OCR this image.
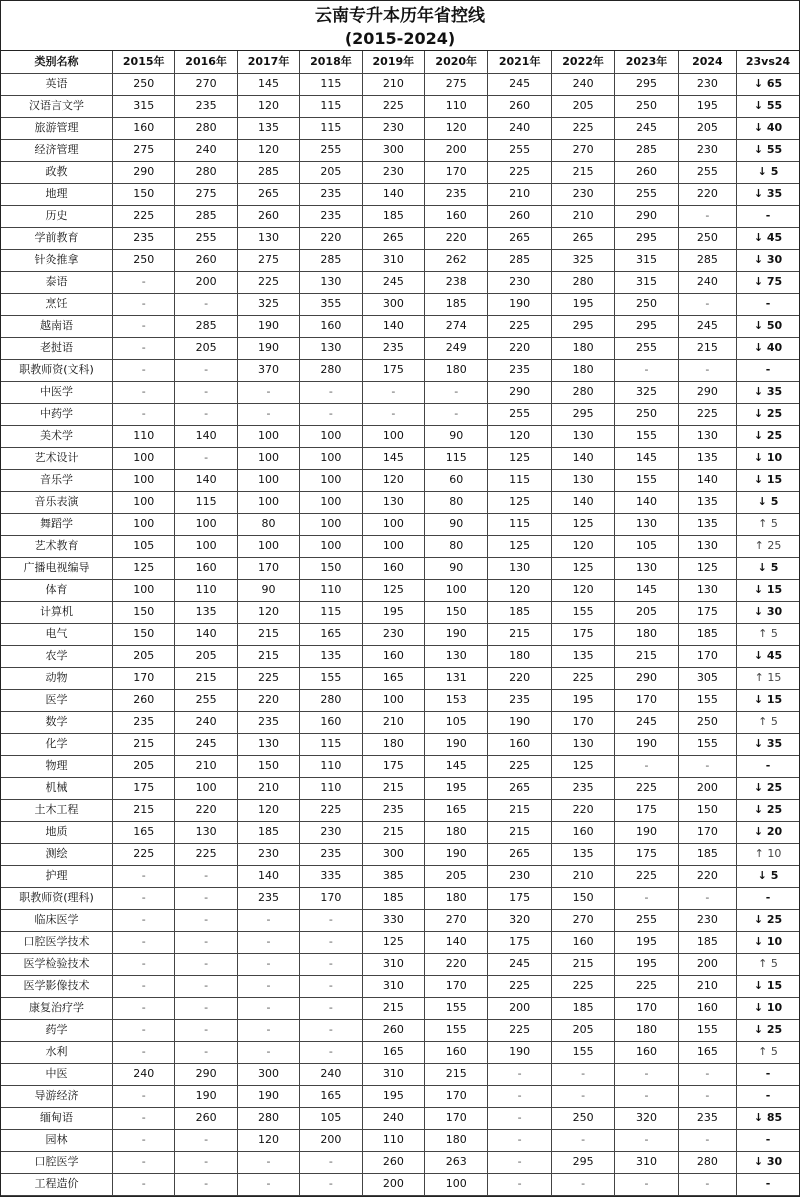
云南专升本历年省控线
(2015-2024)
类别名称	2015年	2016年	2017年	2018年	2019年	2020年	2021年	2022年	2023年	2024	23vs24
英语	250	270	145	115	210	275	245	240	295	230	↓ 65
汉语言文学	315	235	120	115	225	110	260	205	250	195	↓ 55
旅游管理	160	280	135	115	230	120	240	225	245	205	↓ 40
经济管理	275	240	120	255	300	200	255	270	285	230	↓ 55
政教	290	280	285	205	230	170	225	215	260	255	↓ 5
地理	150	275	265	235	140	235	210	230	255	220	↓ 35
历史	225	285	260	235	185	160	260	210	290	-	-
学前教育	235	255	130	220	265	220	265	265	295	250	↓ 45
针灸推拿	250	260	275	285	310	262	285	325	315	285	↓ 30
泰语	-	200	225	130	245	238	230	280	315	240	↓ 75
烹饪	-	-	325	355	300	185	190	195	250	-	-
越南语	-	285	190	160	140	274	225	295	295	245	↓ 50
老挝语	-	205	190	130	235	249	220	180	255	215	↓ 40
职教师资(文科)	-	-	370	280	175	180	235	180	-	-	-
中医学	-	-	-	-	-	-	290	280	325	290	↓ 35
中药学	-	-	-	-	-	-	255	295	250	225	↓ 25
美术学	110	140	100	100	100	90	120	130	155	130	↓ 25
艺术设计	100	-	100	100	145	115	125	140	145	135	↓ 10
音乐学	100	140	100	100	120	60	115	130	155	140	↓ 15
音乐表演	100	115	100	100	130	80	125	140	140	135	↓ 5
舞蹈学	100	100	80	100	100	90	115	125	130	135	↑ 5
艺术教育	105	100	100	100	100	80	125	120	105	130	↑ 25
广播电视编导	125	160	170	150	160	90	130	125	130	125	↓ 5
体育	100	110	90	110	125	100	120	120	145	130	↓ 15
计算机	150	135	120	115	195	150	185	155	205	175	↓ 30
电气	150	140	215	165	230	190	215	175	180	185	↑ 5
农学	205	205	215	135	160	130	180	135	215	170	↓ 45
动物	170	215	225	155	165	131	220	225	290	305	↑ 15
医学	260	255	220	280	100	153	235	195	170	155	↓ 15
数学	235	240	235	160	210	105	190	170	245	250	↑ 5
化学	215	245	130	115	180	190	160	130	190	155	↓ 35
物理	205	210	150	110	175	145	225	125	-	-	-
机械	175	100	210	110	215	195	265	235	225	200	↓ 25
土木工程	215	220	120	225	235	165	215	220	175	150	↓ 25
地质	165	130	185	230	215	180	215	160	190	170	↓ 20
测绘	225	225	230	235	300	190	265	135	175	185	↑ 10
护理	-	-	140	335	385	205	230	210	225	220	↓ 5
职教师资(理科)	-	-	235	170	185	180	175	150	-	-	-
临床医学	-	-	-	-	330	270	320	270	255	230	↓ 25
口腔医学技术	-	-	-	-	125	140	175	160	195	185	↓ 10
医学检验技术	-	-	-	-	310	220	245	215	195	200	↑ 5
医学影像技术	-	-	-	-	310	170	225	225	225	210	↓ 15
康复治疗学	-	-	-	-	215	155	200	185	170	160	↓ 10
药学	-	-	-	-	260	155	225	205	180	155	↓ 25
水利	-	-	-	-	165	160	190	155	160	165	↑ 5
中医	240	290	300	240	310	215	-	-	-	-	-
导游经济	-	190	190	165	195	170	-	-	-	-	-
缅甸语	-	260	280	105	240	170	-	250	320	235	↓ 85
园林	-	-	120	200	110	180	-	-	-	-	-
口腔医学	-	-	-	-	260	263	-	295	310	280	↓ 30
工程造价	-	-	-	-	200	100	-	-	-	-	-
